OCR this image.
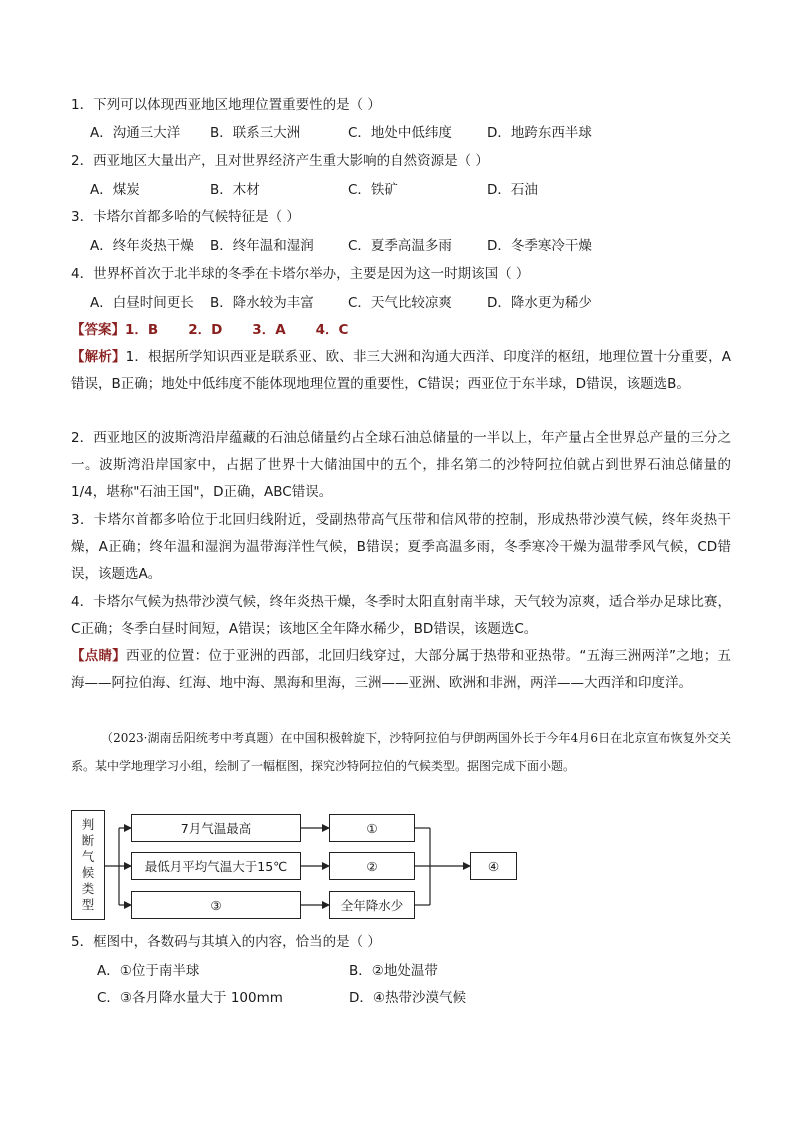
1．下列可以体现西亚地区地理位置重要性的是（ ）
A．沟通三大洋 B．联系三大洲	C．地处中低纬度	D．地跨东西半球
2．西亚地区大量出产，且对世界经济产生重大影响的自然资源是（ ）
A．煤炭	B．木材	C．铁矿	D．石油
3．卡塔尔首都多哈的气候特征是（ ）
A．终年炎热干燥 B．终年温和湿润	C．夏季高温多雨	D．冬季寒冷干燥
4．世界杯首次于北半球的冬季在卡塔尔举办，主要是因为这一时期该国（ ）
A．白昼时间更长 B．降水较为丰富	C．天气比较凉爽	D．降水更为稀少
【答案】1．B 2．D 3．A 4．C
【解析】1．根据所学知识西亚是联系亚、欧、非三大洲和沟通大西洋、印度洋的枢纽，地理位置十分重要，A错误，B正确；地处中低纬度不能体现地理位置的重要性，C错误；西亚位于东半球，D错误，该题选B。
2．西亚地区的波斯湾沿岸蕴藏的石油总储量约占全球石油总储量的一半以上，年产量占全世界总产量的三分之一。波斯湾沿岸国家中，占据了世界十大储油国中的五个，排名第二的沙特阿拉伯就占到世界石油总储量的1/4，堪称"石油王国"，D正确，ABC错误。
3．卡塔尔首都多哈位于北回归线附近，受副热带高气压带和信风带的控制，形成热带沙漠气候，终年炎热干燥，A正确；终年温和湿润为温带海洋性气候，B错误；夏季高温多雨，冬季寒冷干燥为温带季风气候，CD错误，该题选A。
4．卡塔尔气候为热带沙漠气候，终年炎热干燥，冬季时太阳直射南半球，天气较为凉爽，适合举办足球比赛，C正确；冬季白昼时间短，A错误；该地区全年降水稀少，BD错误，该题选C。
【点睛】西亚的位置：位于亚洲的西部，北回归线穿过，大部分属于热带和亚热带。“五海三洲两洋”之地；五海——阿拉伯海、红海、地中海、黑海和里海，三洲——亚洲、欧洲和非洲，两洋——大西洋和印度洋。
（2023·湖南岳阳统考中考真题）在中国积极斡旋下，沙特阿拉伯与伊朗两国外长于今年4月6日在北京宣布恢复外交关系。某中学地理学习小组，绘制了一幅框图，探究沙特阿拉伯的气候类型。据图完成下面小题。
判
断
气
候
类
型
7月气温最高
最低月平均气温大于15℃
③
①
②
全年降水少
④
5．框图中，各数码与其填入的内容，恰当的是（ ）
A．①位于南半球	B．②地处温带
C．③各月降水量大于 100mm	D．④热带沙漠气候
